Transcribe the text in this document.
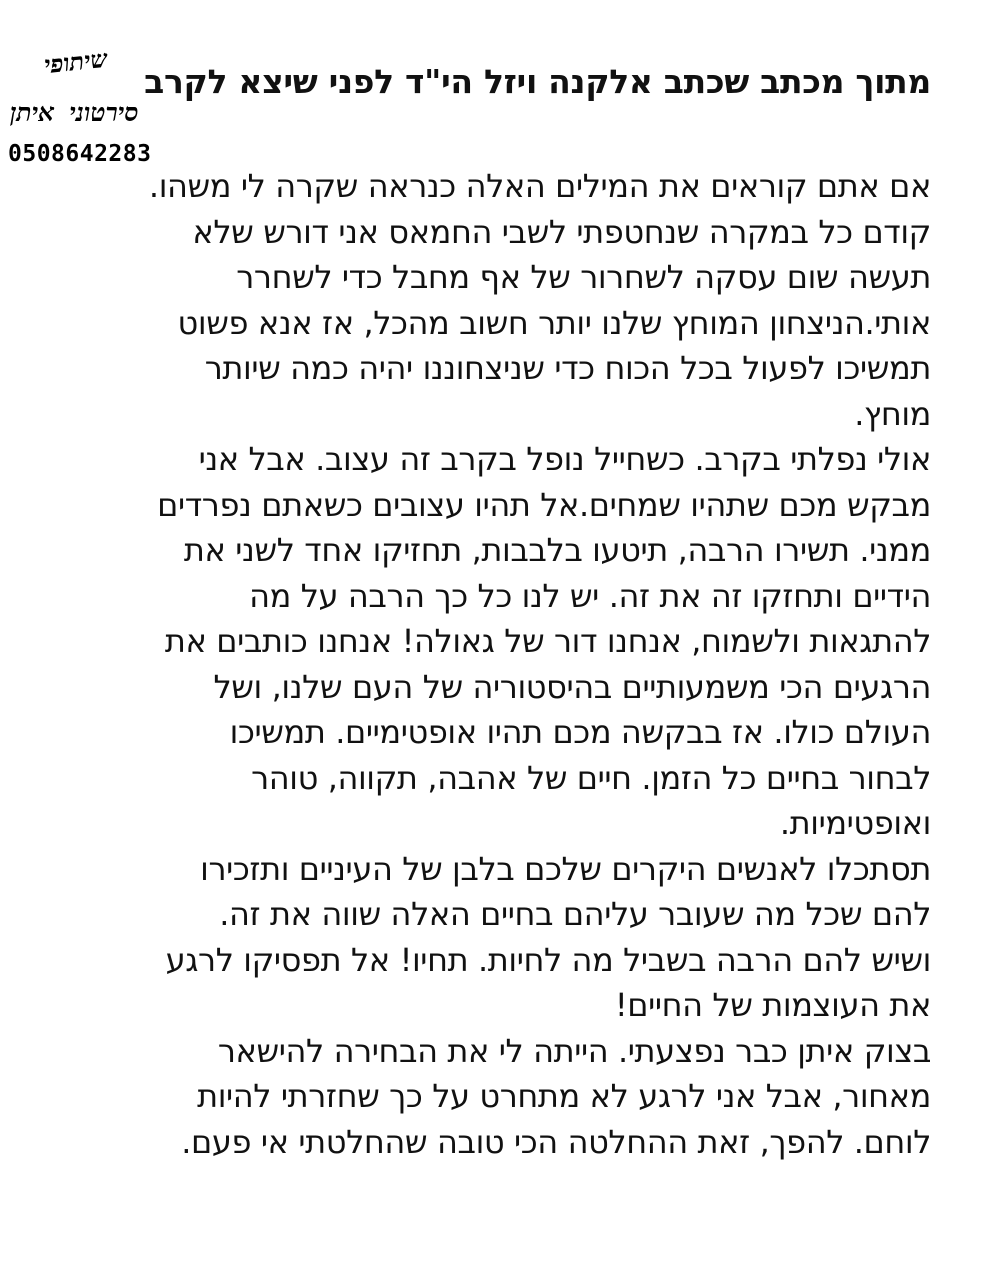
מתוך מכתב שכתב אלקנה ויזל הי"ד לפני שיצא לקרב
שיתופי
סירטוני איתן
0508642283
אם אתם קוראים את המילים האלה כנראה שקרה לי משהו.
קודם כל במקרה שנחטפתי לשבי החמאס אני דורש שלא
תעשה שום עסקה לשחרור של אף מחבל כדי לשחרר
אותי.הניצחון המוחץ שלנו יותר חשוב מהכל, אז אנא פשוט
תמשיכו לפעול בכל הכוח כדי שניצחוננו יהיה כמה שיותר
מוחץ.
אולי נפלתי בקרב. כשחייל נופל בקרב זה עצוב. אבל אני
מבקש מכם שתהיו שמחים.אל תהיו עצובים כשאתם נפרדים
ממני. תשירו הרבה, תיטעו בלבבות, תחזיקו אחד לשני את
הידיים ותחזקו זה את זה. יש לנו כל כך הרבה על מה
להתגאות ולשמוח, אנחנו דור של גאולה! אנחנו כותבים את
הרגעים הכי משמעותיים בהיסטוריה של העם שלנו, ושל
העולם כולו. אז בבקשה מכם תהיו אופטימיים. תמשיכו
לבחור בחיים כל הזמן. חיים של אהבה, תקווה, טוהר
ואופטימיות.
תסתכלו לאנשים היקרים שלכם בלבן של העיניים ותזכירו
להם שכל מה שעובר עליהם בחיים האלה שווה את זה.
ושיש להם הרבה בשביל מה לחיות. תחיו! אל תפסיקו לרגע
את העוצמות של החיים!
בצוק איתן כבר נפצעתי. הייתה לי את הבחירה להישאר
מאחור, אבל אני לרגע לא מתחרט על כך שחזרתי להיות
לוחם. להפך, זאת ההחלטה הכי טובה שהחלטתי אי פעם.
